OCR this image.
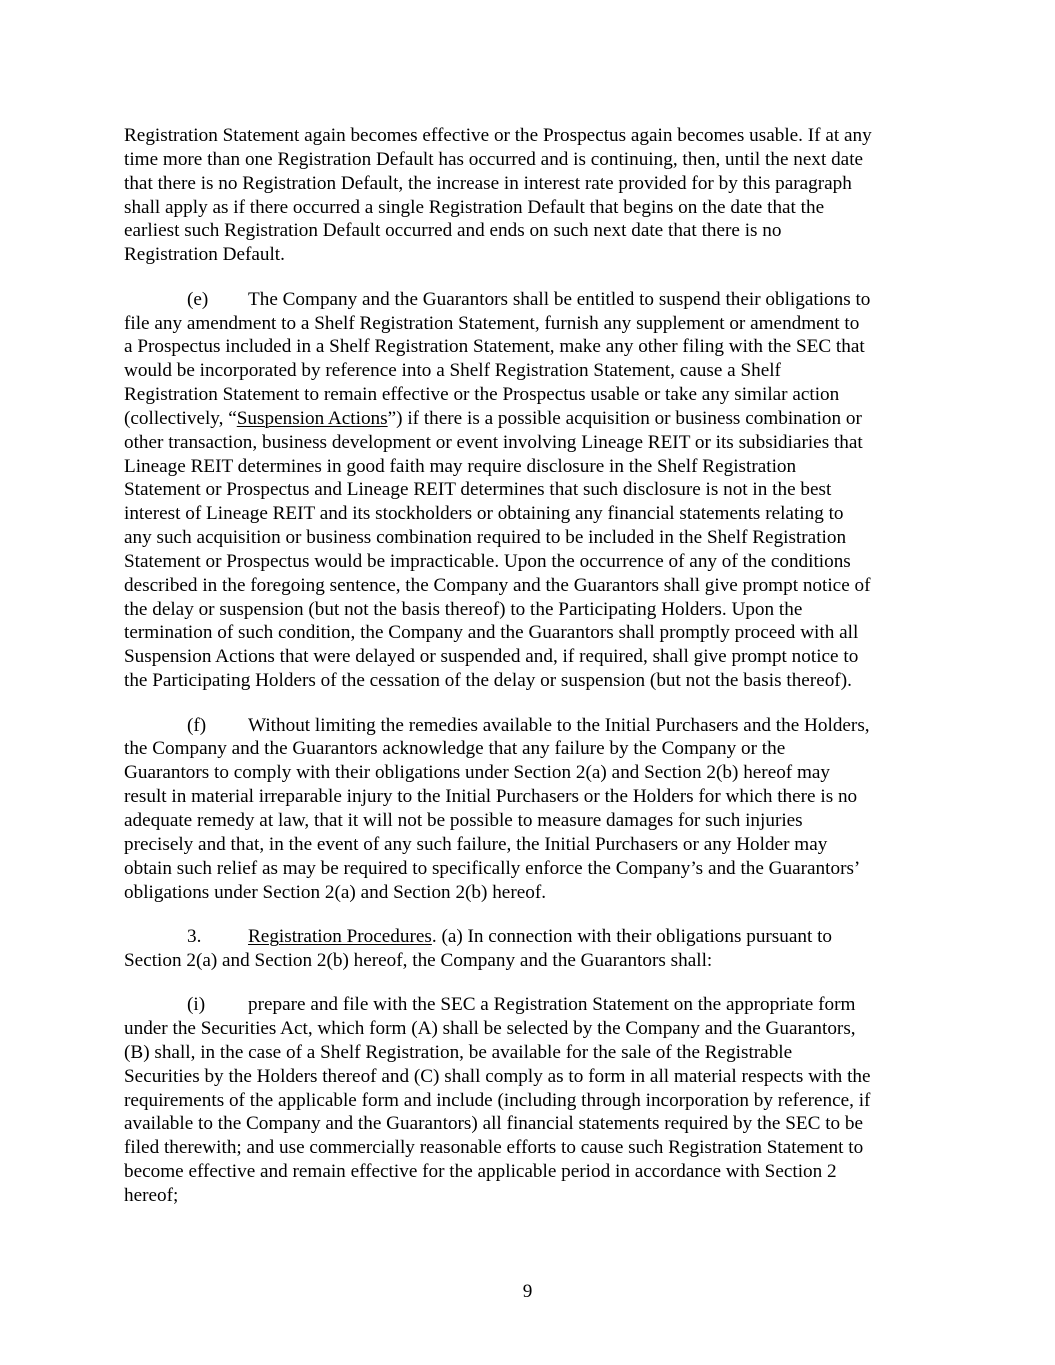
Registration Statement again becomes effective or the Prospectus again becomes usable. If at any
time more than one Registration Default has occurred and is continuing, then, until the next date
that there is no Registration Default, the increase in interest rate provided for by this paragraph
shall apply as if there occurred a single Registration Default that begins on the date that the
earliest such Registration Default occurred and ends on such next date that there is no
Registration Default.
(e) The Company and the Guarantors shall be entitled to suspend their obligations to
file any amendment to a Shelf Registration Statement, furnish any supplement or amendment to
a Prospectus included in a Shelf Registration Statement, make any other filing with the SEC that
would be incorporated by reference into a Shelf Registration Statement, cause a Shelf
Registration Statement to remain effective or the Prospectus usable or take any similar action
(collectively, “Suspension Actions”) if there is a possible acquisition or business combination or
other transaction, business development or event involving Lineage REIT or its subsidiaries that
Lineage REIT determines in good faith may require disclosure in the Shelf Registration
Statement or Prospectus and Lineage REIT determines that such disclosure is not in the best
interest of Lineage REIT and its stockholders or obtaining any financial statements relating to
any such acquisition or business combination required to be included in the Shelf Registration
Statement or Prospectus would be impracticable. Upon the occurrence of any of the conditions
described in the foregoing sentence, the Company and the Guarantors shall give prompt notice of
the delay or suspension (but not the basis thereof) to the Participating Holders. Upon the
termination of such condition, the Company and the Guarantors shall promptly proceed with all
Suspension Actions that were delayed or suspended and, if required, shall give prompt notice to
the Participating Holders of the cessation of the delay or suspension (but not the basis thereof).
(f) Without limiting the remedies available to the Initial Purchasers and the Holders,
the Company and the Guarantors acknowledge that any failure by the Company or the
Guarantors to comply with their obligations under Section 2(a) and Section 2(b) hereof may
result in material irreparable injury to the Initial Purchasers or the Holders for which there is no
adequate remedy at law, that it will not be possible to measure damages for such injuries
precisely and that, in the event of any such failure, the Initial Purchasers or any Holder may
obtain such relief as may be required to specifically enforce the Company’s and the Guarantors’
obligations under Section 2(a) and Section 2(b) hereof.
3. Registration Procedures. (a) In connection with their obligations pursuant to
Section 2(a) and Section 2(b) hereof, the Company and the Guarantors shall:
(i) prepare and file with the SEC a Registration Statement on the appropriate form
under the Securities Act, which form (A) shall be selected by the Company and the Guarantors,
(B) shall, in the case of a Shelf Registration, be available for the sale of the Registrable
Securities by the Holders thereof and (C) shall comply as to form in all material respects with the
requirements of the applicable form and include (including through incorporation by reference, if
available to the Company and the Guarantors) all financial statements required by the SEC to be
filed therewith; and use commercially reasonable efforts to cause such Registration Statement to
become effective and remain effective for the applicable period in accordance with Section 2
hereof;
9
